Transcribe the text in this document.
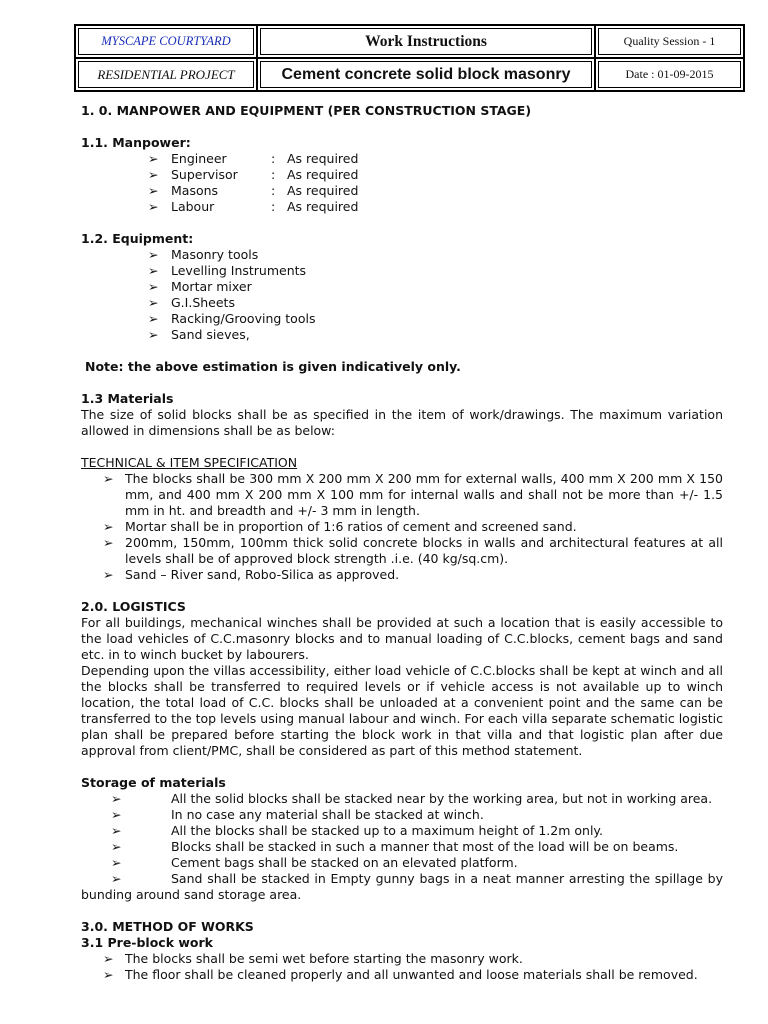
MYSCAPE COURTYARD	Work Instructions	Quality Session - 1
RESIDENTIAL PROJECT	Cement concrete solid block masonry	Date : 01-09-2015
1. 0. MANPOWER AND EQUIPMENT (PER CONSTRUCTION STAGE)
1.1. Manpower:
➢ Engineer	: As required
➢ Supervisor	: As required
➢ Masons	: As required
➢ Labour	: As required
1.2. Equipment:
➢ Masonry tools
➢ Levelling Instruments
➢ Mortar mixer
➢ G.I.Sheets
➢ Racking/Grooving tools
➢ Sand sieves,
Note: the above estimation is given indicatively only.
1.3 Materials
The size of solid blocks shall be as specified in the item of work/drawings. The maximum variation allowed in dimensions shall be as below:
TECHNICAL & ITEM SPECIFICATION
➢ The blocks shall be 300 mm X 200 mm X 200 mm for external walls, 400 mm X 200 mm X 150 mm, and 400 mm X 200 mm X 100 mm for internal walls and shall not be more than +/- 1.5 mm in ht. and breadth and +/- 3 mm in length.
➢ Mortar shall be in proportion of 1:6 ratios of cement and screened sand.
➢ 200mm, 150mm, 100mm thick solid concrete blocks in walls and architectural features at all levels shall be of approved block strength .i.e. (40 kg/sq.cm).
➢ Sand – River sand, Robo-Silica as approved.
2.0. LOGISTICS
For all buildings, mechanical winches shall be provided at such a location that is easily accessible to the load vehicles of C.C.masonry blocks and to manual loading of C.C.blocks, cement bags and sand etc. in to winch bucket by labourers.
Depending upon the villas accessibility, either load vehicle of C.C.blocks shall be kept at winch and all the blocks shall be transferred to required levels or if vehicle access is not available up to winch location, the total load of C.C. blocks shall be unloaded at a convenient point and the same can be transferred to the top levels using manual labour and winch. For each villa separate schematic logistic plan shall be prepared before starting the block work in that villa and that logistic plan after due approval from client/PMC, shall be considered as part of this method statement.
Storage of materials
➢	All the solid blocks shall be stacked near by the working area, but not in working area.
➢	In no case any material shall be stacked at winch.
➢	All the blocks shall be stacked up to a maximum height of 1.2m only.
➢	Blocks shall be stacked in such a manner that most of the load will be on beams.
➢	Cement bags shall be stacked on an elevated platform.
➢	Sand shall be stacked in Empty gunny bags in a neat manner arresting the spillage by bunding around sand storage area.
3.0. METHOD OF WORKS
3.1 Pre-block work
➢ The blocks shall be semi wet before starting the masonry work.
➢ The floor shall be cleaned properly and all unwanted and loose materials shall be removed.
